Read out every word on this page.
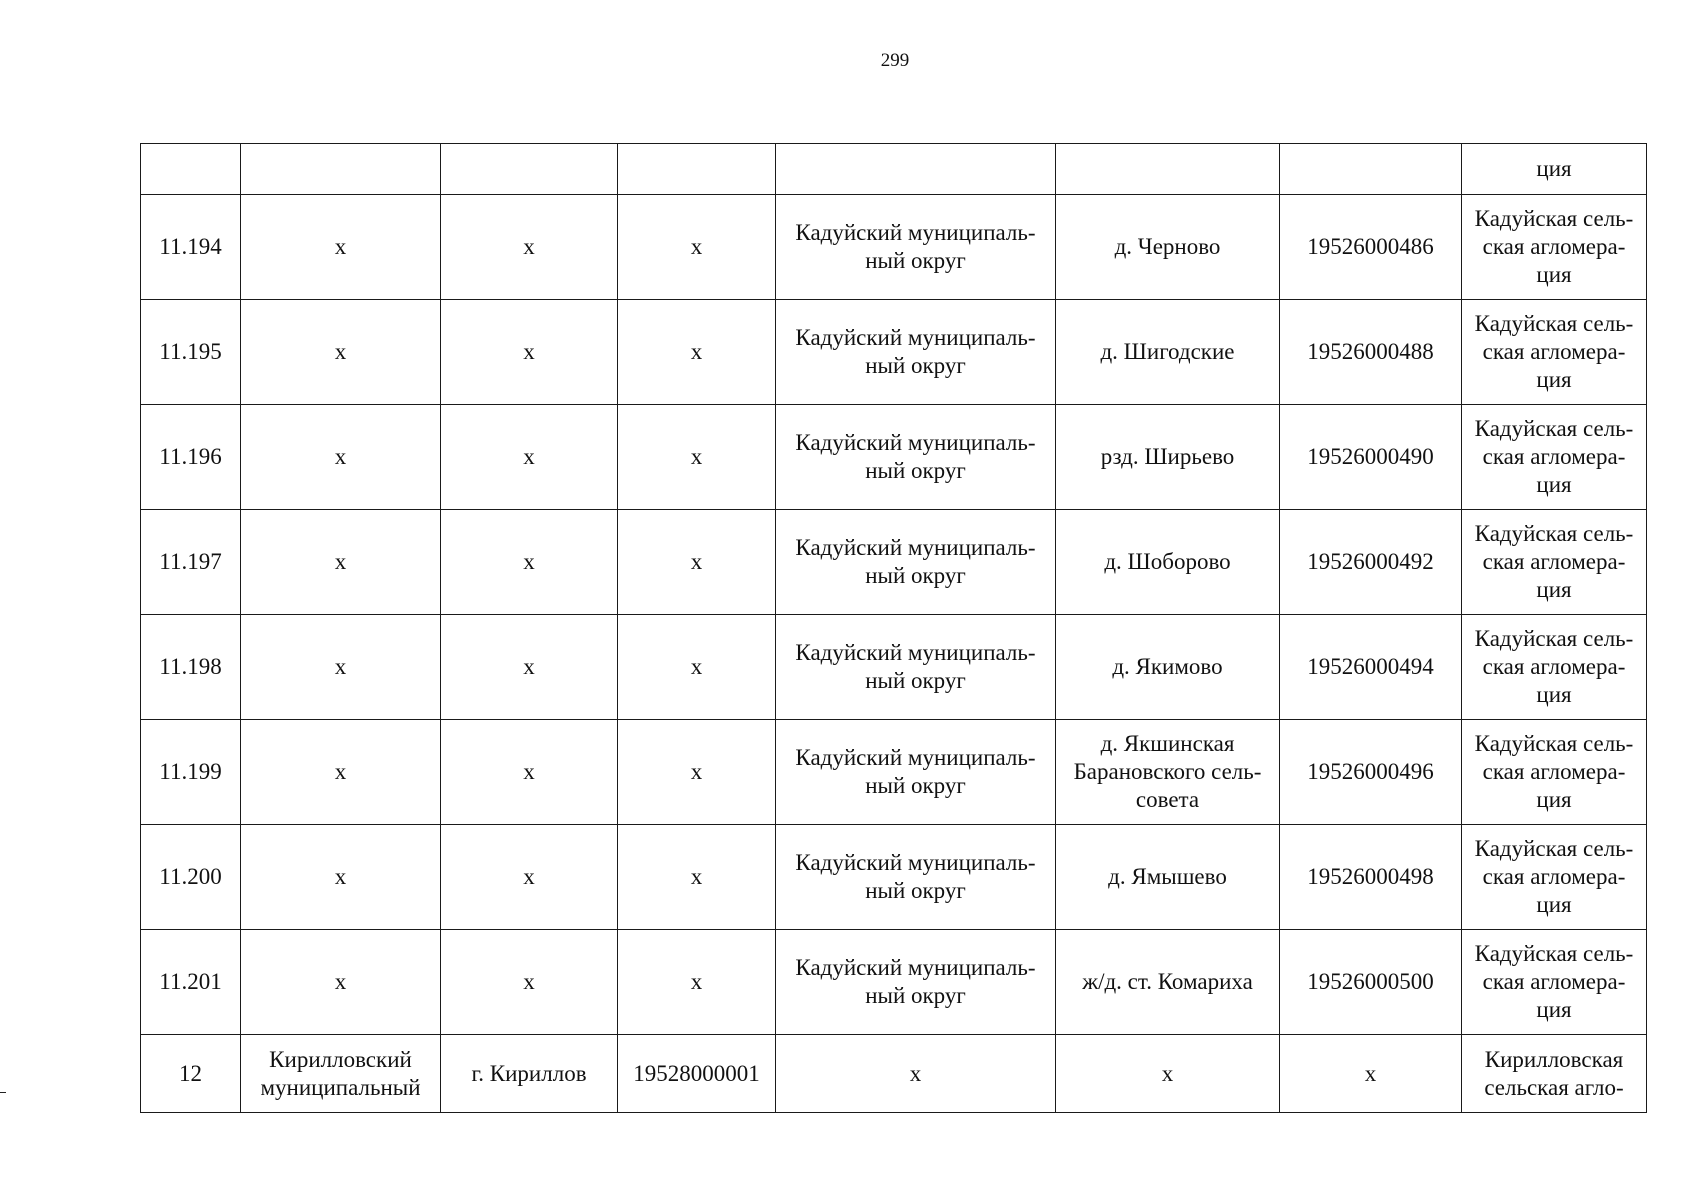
299
							ция
11.194	х	х	х	Кадуйский муниципаль-ный округ	д. Черново	19526000486	Кадуйская сель-ская агломера-ция
11.195	х	х	х	Кадуйский муниципаль-ный округ	д. Шигодские	19526000488	Кадуйская сель-ская агломера-ция
11.196	х	х	х	Кадуйский муниципаль-ный округ	рзд. Ширьево	19526000490	Кадуйская сель-ская агломера-ция
11.197	х	х	х	Кадуйский муниципаль-ный округ	д. Шоборово	19526000492	Кадуйская сель-ская агломера-ция
11.198	х	х	х	Кадуйский муниципаль-ный округ	д. Якимово	19526000494	Кадуйская сель-ская агломера-ция
11.199	х	х	х	Кадуйский муниципаль-ный округ	д. Якшинская Барановского сель-совета	19526000496	Кадуйская сель-ская агломера-ция
11.200	х	х	х	Кадуйский муниципаль-ный округ	д. Ямышево	19526000498	Кадуйская сель-ская агломера-ция
11.201	х	х	х	Кадуйский муниципаль-ный округ	ж/д. ст. Комариха	19526000500	Кадуйская сель-ская агломера-ция
12	Кирилловский муниципальный	г. Кириллов	19528000001	х	х	х	Кирилловская сельская агло-
